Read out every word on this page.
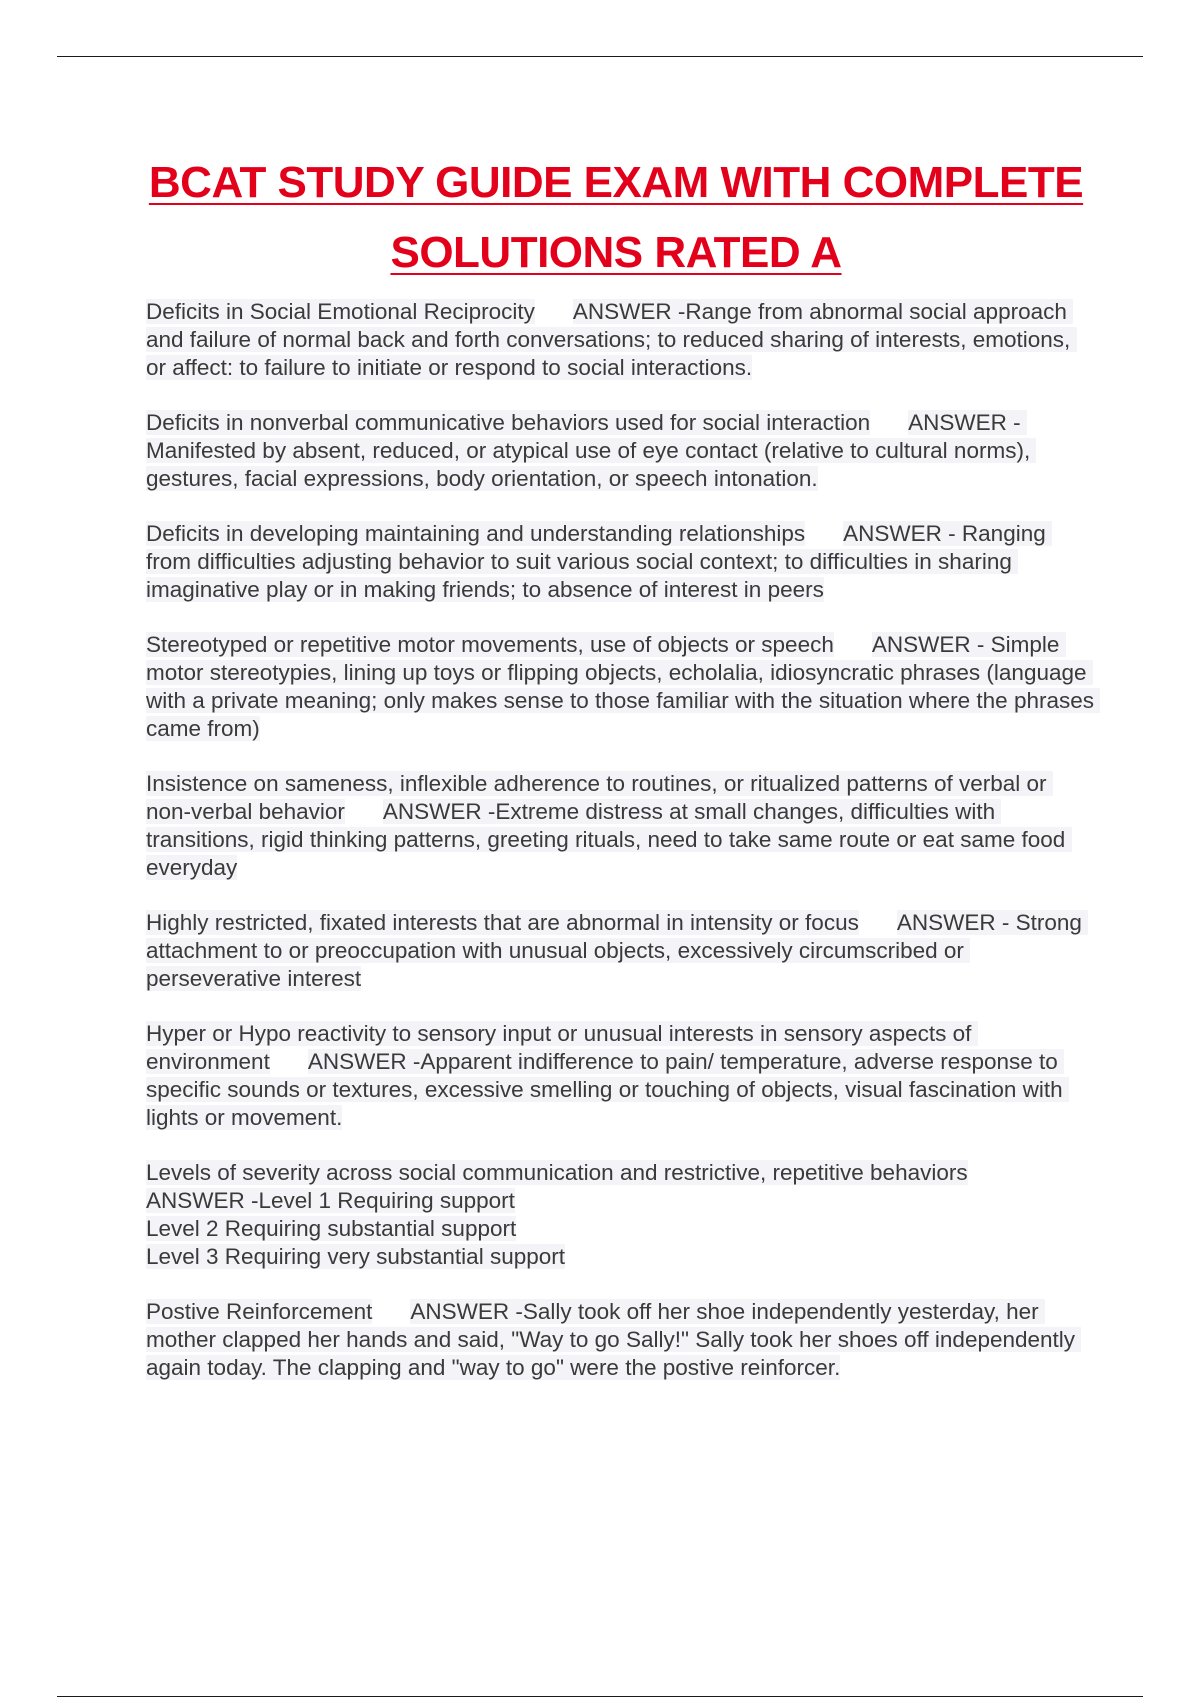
BCAT STUDY GUIDE EXAM WITH COMPLETE
SOLUTIONS RATED A
Deficits in Social Emotional Reciprocity ANSWER -Range from abnormal social approach and failure of normal back and forth conversations; to reduced sharing of interests, emotions, or affect: to failure to initiate or respond to social interactions.
Deficits in nonverbal communicative behaviors used for social interaction ANSWER - Manifested by absent, reduced, or atypical use of eye contact (relative to cultural norms), gestures, facial expressions, body orientation, or speech intonation.
Deficits in developing maintaining and understanding relationships ANSWER - Ranging from difficulties adjusting behavior to suit various social context; to difficulties in sharing imaginative play or in making friends; to absence of interest in peers
Stereotyped or repetitive motor movements, use of objects or speech ANSWER - Simple motor stereotypies, lining up toys or flipping objects, echolalia, idiosyncratic phrases (language with a private meaning; only makes sense to those familiar with the situation where the phrases came from)
Insistence on sameness, inflexible adherence to routines, or ritualized patterns of verbal or non-verbal behavior ANSWER -Extreme distress at small changes, difficulties with transitions, rigid thinking patterns, greeting rituals, need to take same route or eat same food everyday
Highly restricted, fixated interests that are abnormal in intensity or focus ANSWER - Strong attachment to or preoccupation with unusual objects, excessively circumscribed or perseverative interest
Hyper or Hypo reactivity to sensory input or unusual interests in sensory aspects of environment ANSWER -Apparent indifference to pain/ temperature, adverse response to specific sounds or textures, excessive smelling or touching of objects, visual fascination with lights or movement.
Levels of severity across social communication and restrictive, repetitive behaviors
ANSWER -Level 1 Requiring support
Level 2 Requiring substantial support
Level 3 Requiring very substantial support
Postive Reinforcement ANSWER -Sally took off her shoe independently yesterday, her mother clapped her hands and said, "Way to go Sally!" Sally took her shoes off independently again today. The clapping and "way to go" were the postive reinforcer.
